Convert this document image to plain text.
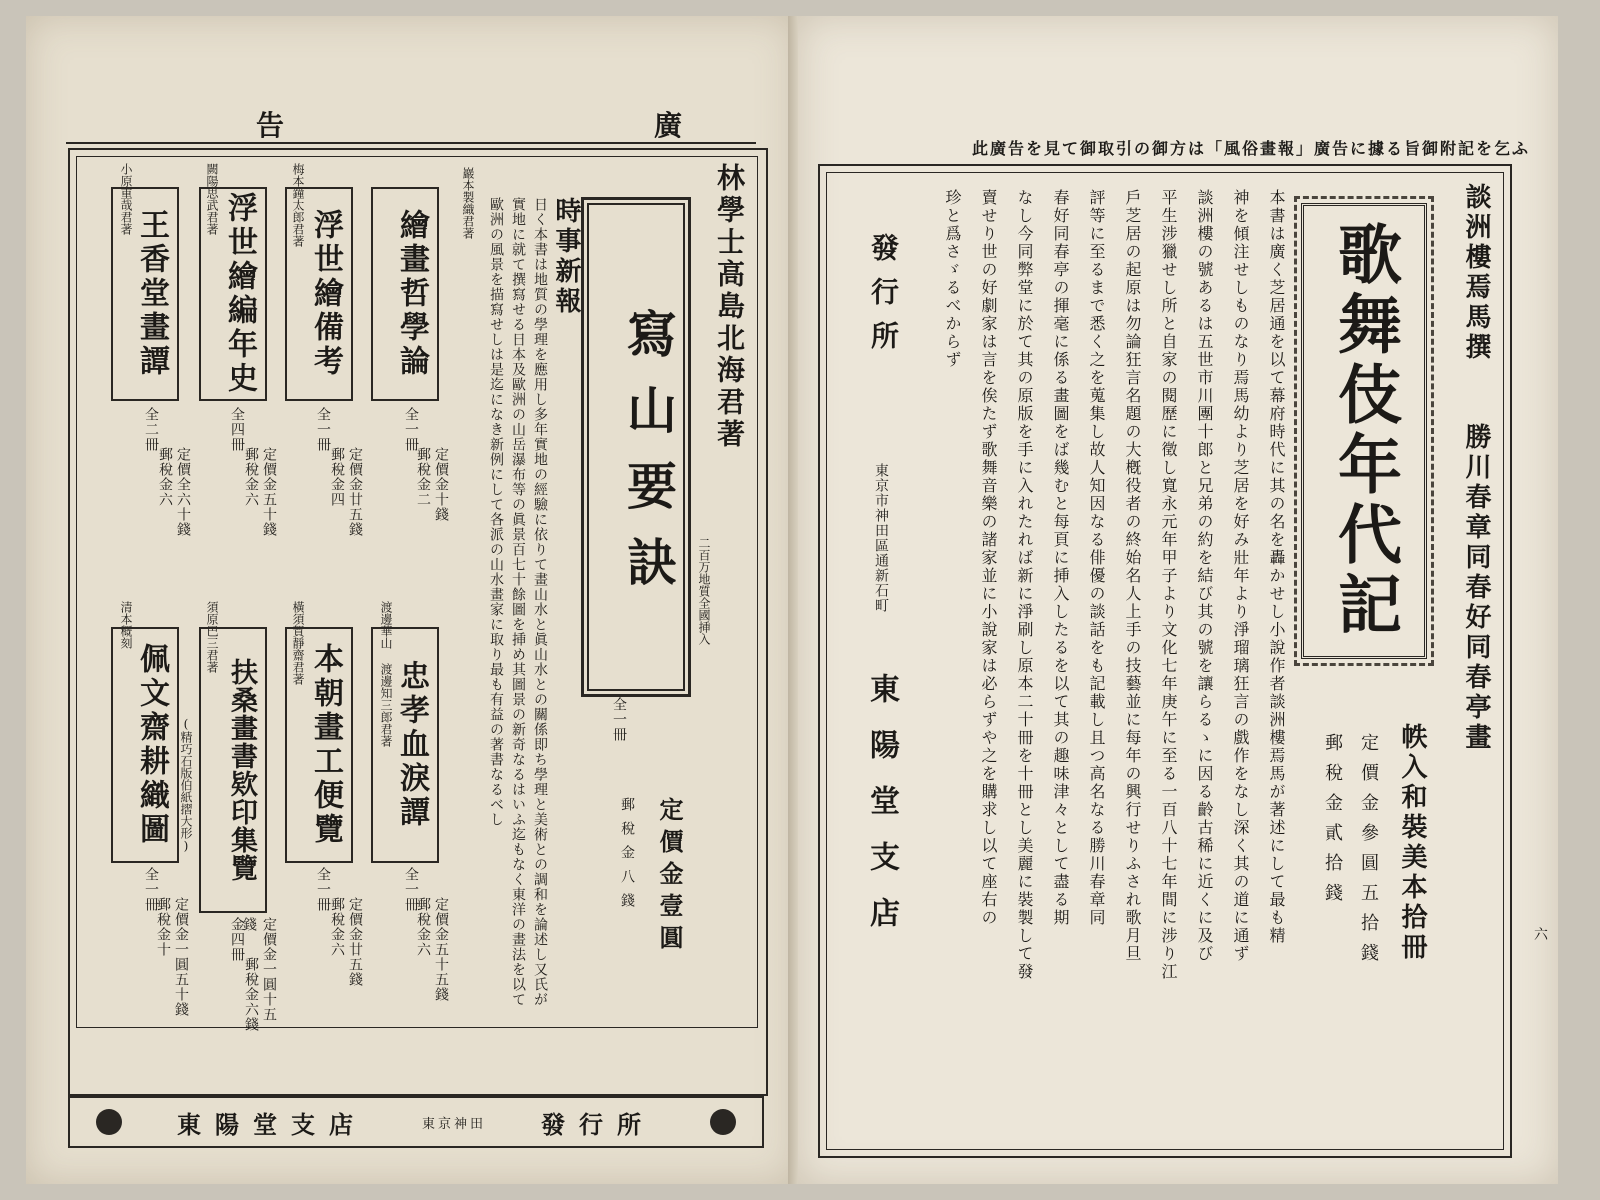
告	廣
林學士高島北海君著
二百万地質全國挿入
寫山要訣
全一冊
定價金壹圓
郵稅金八錢
時事新報
日く本書は地質の學理を應用し多年實地の經驗に依りて畫山水と眞山水との關係即ち學理と美術との調和を論述し又氏が實地に就て撰寫せる日本及歐洲の山岳瀑布等の眞景百七十餘圖を挿め其圖景の新奇なるはいふ迄もなく東洋の畫法を以て歐洲の風景を描寫せしは是迄になき新例にして各派の山水畫家に取り最も有益の著書なるべし
巖本製織君著
繪畫哲學論
全一冊
定價金十錢
郵稅金二
梅本鐘太郎君著
浮世繪備考
全一冊
定價金廿五錢
郵稅金四
闕陽思武君著 浮世繪編年史
全四冊
定價金五十錢
郵稅金六
小原重哉君著
王香堂畫譚
全二冊
定價全六十錢
郵稅金六
渡邊華山 渡邊知三郎君著 忠孝血淚譚
全一冊
定價金五十五錢
郵稅金六
橫須賀靜齋君著 本朝畫工便覽
全一冊
定價金廿五錢
郵稅金六
須原巴三君著
扶桑畫書欵印集覽
金四冊	定價金一圓十五錢
郵稅金六錢
清本穊刻
佩文齋耕織圖 (精巧石版伯紙摺大形)
全一冊
定價金一圓五十錢
郵稅金十
東陽堂支店	東京神田 發行所
此廣告を見て御取引の御方は「風俗畫報」廣告に據る旨御附記を乞ふ
談洲樓焉馬撰
勝川春章同春好同春亭畫
歌舞伎年代記
帙入和裝美本拾冊
定價金參圓五拾錢
郵稅金貳拾錢
本書は廣く芝居通を以て幕府時代に其の名を轟かせし小說作者談洲樓焉馬が著述にして最も精
神を傾注せしものなり焉馬幼より芝居を好み壯年より淨瑠璃狂言の戲作をなし深く其の道に通ず
談洲樓の號あるは五世市川團十郎と兄弟の約を結び其の號を讓らるゝに因る齡古稀に近くに及び
平生涉獵せし所と自家の閱歷に徵し寬永元年甲子より文化七年庚午に至る一百八十七年間に涉り江
戶芝居の起原は勿論狂言名題の大槪役者の終始名人上手の技藝並に每年の興行せりふされ歌月旦
評等に至るまで悉く之を蒐集し故人知因なる俳優の談話をも記載し且つ高名なる勝川春章同
春好同春亭の揮毫に係る畫圖をば幾むと每頁に挿入したるを以て其の趣味津々として盡る期
なし今同弊堂に於て其の原版を手に入れたれば新に淨刷し原本二十冊を十冊とし美麗に裝製して發
賣せり世の好劇家は言を俟たず歌舞音樂の諸家並に小說家は必らずや之を購求し以て座右の
珍と爲さゞるべからず
發行所
東京市神田區通新石町
東陽堂支店	六
